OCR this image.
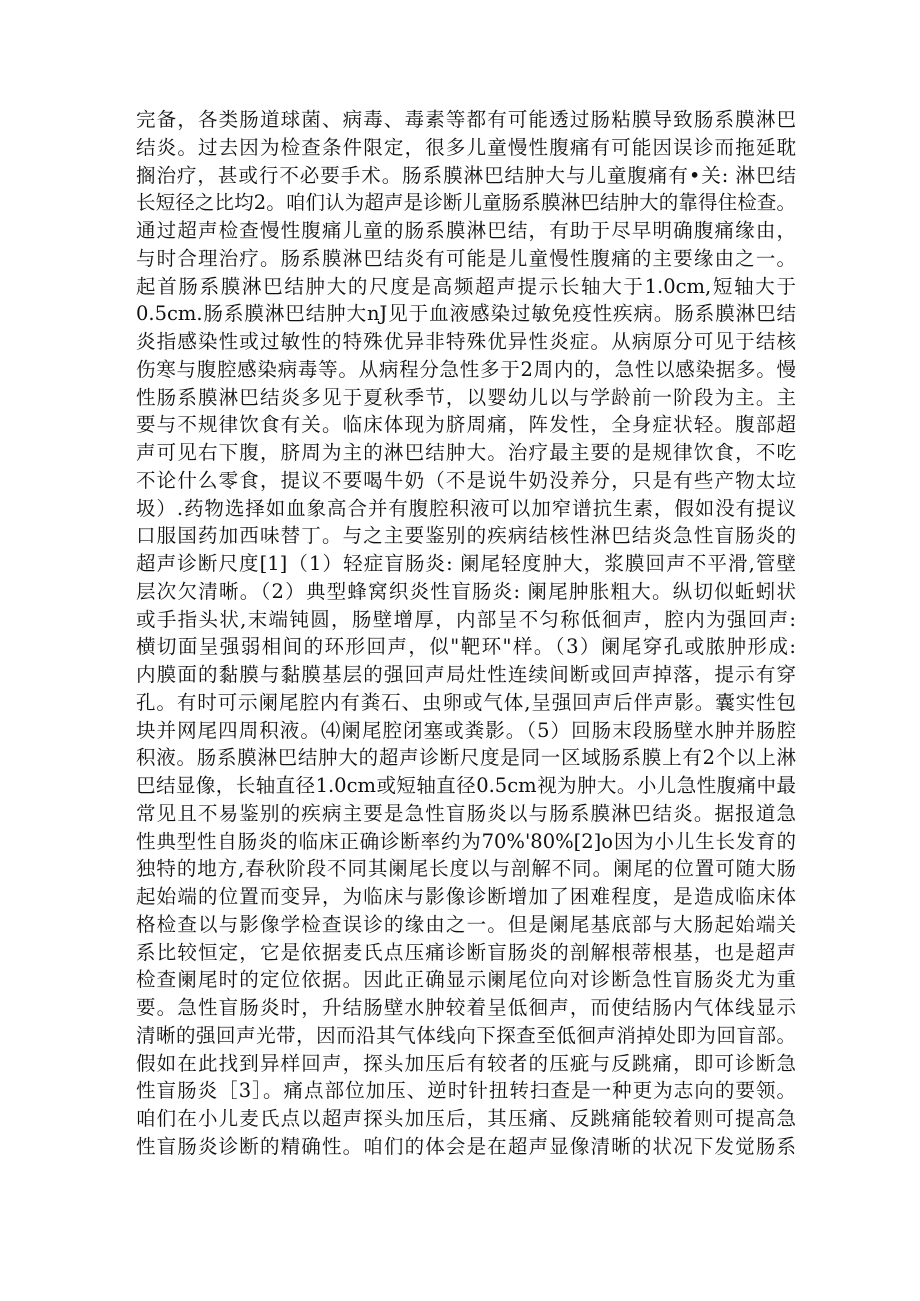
完备，各类肠道球菌、病毒、毒素等都有可能透过肠粘膜导致肠系膜淋巴
结炎。过去因为检查条件限定，很多儿童慢性腹痛有可能因误诊而拖延耽
搁治疗，甚或行不必要手术。肠系膜淋巴结肿大与儿童腹痛有•关: 淋巴结
长短径之比均2。咱们认为超声是诊断儿童肠系膜淋巴结肿大的靠得住检查。
通过超声检查慢性腹痛儿童的肠系膜淋巴结，有助于尽早明确腹痛缘由，
与时合理治疗。肠系膜淋巴结炎有可能是儿童慢性腹痛的主要缘由之一。
起首肠系膜淋巴结肿大的尺度是高频超声提示长轴大于1.0cm,短轴大于
0.5cm.肠系膜淋巴结肿大nJ见于血液感染过敏免疫性疾病。肠系膜淋巴结
炎指感染性或过敏性的特殊优异非特殊优异性炎症。从病原分可见于结核
伤寒与腹腔感染病毒等。从病程分急性多于2周内的，急性以感染据多。慢
性肠系膜淋巴结炎多见于夏秋季节，以婴幼儿以与学龄前一阶段为主。主
要与不规律饮食有关。临床体现为脐周痛，阵发性，全身症状轻。腹部超
声可见右下腹，脐周为主的淋巴结肿大。治疗最主要的是规律饮食，不吃
不论什么零食，提议不要喝牛奶（不是说牛奶没养分，只是有些产物太垃
圾）.药物选择如血象高合并有腹腔积液可以加窄谱抗生素，假如没有提议
口服国药加西味替丁。与之主要鉴别的疾病结核性淋巴结炎急性盲肠炎的
超声诊断尺度[1]（1）轻症盲肠炎: 阑尾轻度肿大，浆膜回声不平滑,管壁
层次欠清晰。（2）典型蜂窝织炎性盲肠炎: 阑尾肿胀粗大。纵切似蚯蚓状
或手指头状,末端钝圆，肠壁增厚，内部呈不匀称低徊声，腔内为强回声:
横切面呈强弱相间的环形回声，似"靶环"样。（3）阑尾穿孔或脓肿形成:
内膜面的黏膜与黏膜基层的强回声局灶性连续间断或回声掉落，提示有穿
孔。有时可示阑尾腔内有粪石、虫卵或气体,呈强回声后伴声影。囊实性包
块并网尾四周积液。⑷阑尾腔闭塞或粪影。（5）回肠末段肠壁水肿并肠腔
积液。肠系膜淋巴结肿大的超声诊断尺度是同一区域肠系膜上有2个以上淋
巴结显像，长轴直径1.0cm或短轴直径0.5cm视为肿大。小儿急性腹痛中最
常见且不易鉴别的疾病主要是急性盲肠炎以与肠系膜淋巴结炎。据报道急
性典型性自肠炎的临床正确诊断率约为70%'80%[2]o因为小儿生长发育的
独特的地方,春秋阶段不同其阑尾长度以与剖解不同。阑尾的位置可随大肠
起始端的位置而变异，为临床与影像诊断增加了困难程度，是造成临床体
格检查以与影像学检查误诊的缘由之一。但是阑尾基底部与大肠起始端关
系比较恒定，它是依据麦氏点压痛诊断盲肠炎的剖解根蒂根基，也是超声
检查阑尾时的定位依据。因此正确显示阑尾位向对诊断急性盲肠炎尤为重
要。急性盲肠炎时，升结肠壁水肿较着呈低徊声，而使结肠内气体线显示
清晰的强回声光带，因而沿其气体线向下探查至低徊声消掉处即为回盲部。
假如在此找到异样回声，探头加压后有较者的压疵与反跳痛，即可诊断急
性盲肠炎［3］。痛点部位加压、逆时针扭转扫查是一种更为志向的要领。
咱们在小儿麦氏点以超声探头加压后，其压痛、反跳痛能较着则可提高急
性盲肠炎诊断的精确性。咱们的体会是在超声显像清晰的状况下发觉肠系
